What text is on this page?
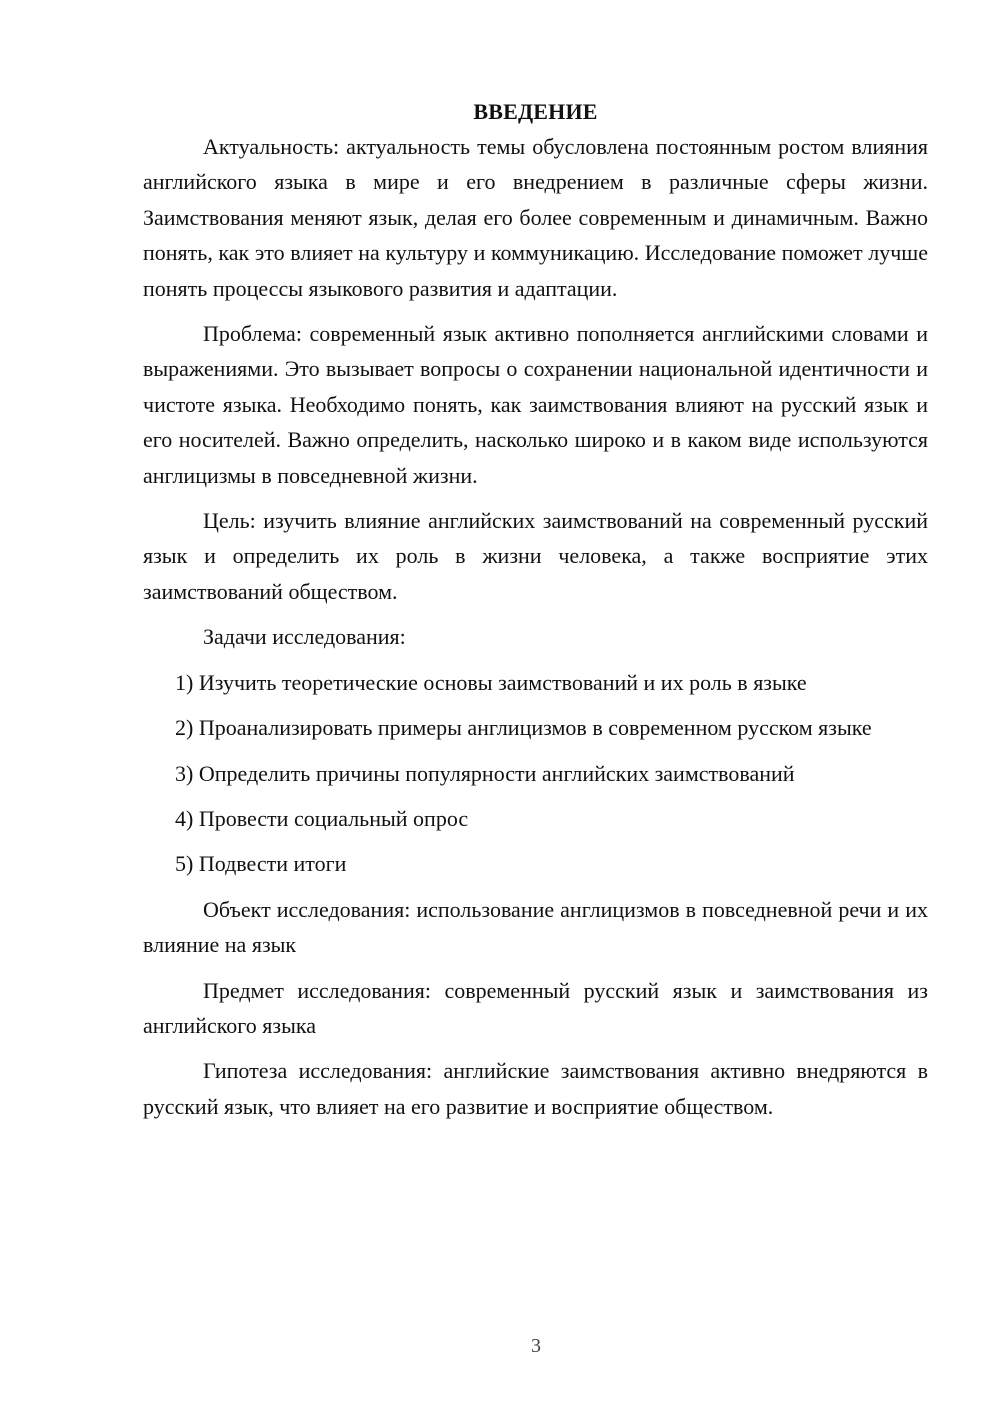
ВВЕДЕНИЕ

Актуальность: актуальность темы обусловлена постоянным ростом влияния английского языка в мире и его внедрением в различные сферы жизни. Заимствования меняют язык, делая его более современным и динамичным. Важно понять, как это влияет на культуру и коммуникацию. Исследование поможет лучше понять процессы языкового развития и адаптации.

Проблема: современный язык активно пополняется английскими словами и выражениями. Это вызывает вопросы о сохранении национальной идентичности и чистоте языка. Необходимо понять, как заимствования влияют на русский язык и его носителей. Важно определить, насколько широко и в каком виде используются англицизмы в повседневной жизни.

Цель: изучить влияние английских заимствований на современный русский язык и определить их роль в жизни человека, а также восприятие этих заимствований обществом.

Задачи исследования:

1) Изучить теоретические основы заимствований и их роль в языке

2) Проанализировать примеры англицизмов в современном русском языке

3) Определить причины популярности английских заимствований

4) Провести социальный опрос

5) Подвести итоги

Объект исследования: использование англицизмов в повседневной речи и их влияние на язык

Предмет исследования: современный русский язык и заимствования из английского языка

Гипотеза исследования: английские заимствования активно внедряются в русский язык, что влияет на его развитие и восприятие обществом.

3
